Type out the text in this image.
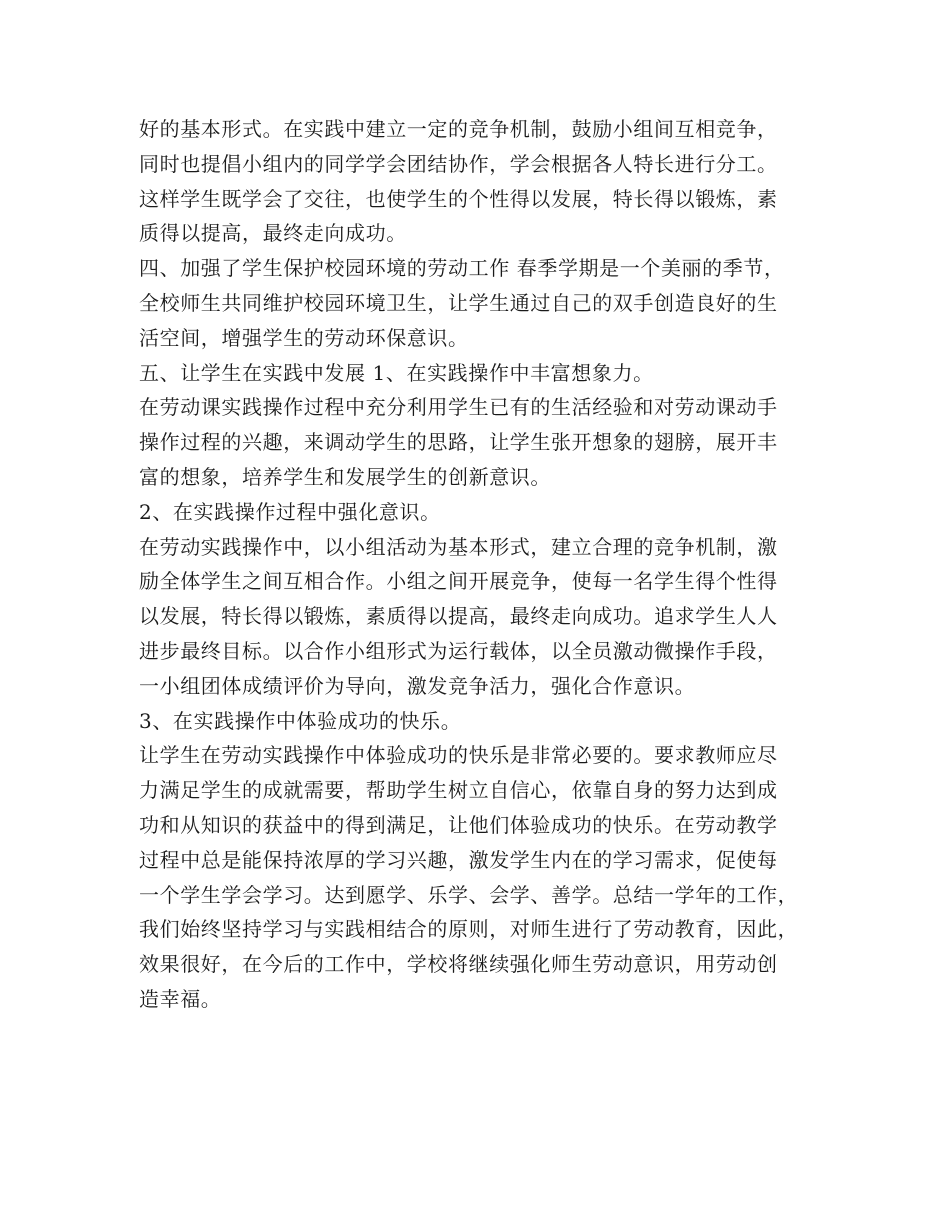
好的基本形式。在实践中建立一定的竞争机制，鼓励小组间互相竞争，
同时也提倡小组内的同学学会团结协作，学会根据各人特长进行分工。
这样学生既学会了交往，也使学生的个性得以发展，特长得以锻炼，素
质得以提高，最终走向成功。
四、加强了学生保护校园环境的劳动工作 春季学期是一个美丽的季节，
全校师生共同维护校园环境卫生，让学生通过自己的双手创造良好的生
活空间，增强学生的劳动环保意识。
五、让学生在实践中发展 1、在实践操作中丰富想象力。
在劳动课实践操作过程中充分利用学生已有的生活经验和对劳动课动手
操作过程的兴趣，来调动学生的思路，让学生张开想象的翅膀，展开丰
富的想象，培养学生和发展学生的创新意识。
2、在实践操作过程中强化意识。
在劳动实践操作中，以小组活动为基本形式，建立合理的竞争机制，激
励全体学生之间互相合作。小组之间开展竞争，使每一名学生得个性得
以发展，特长得以锻炼，素质得以提高，最终走向成功。追求学生人人
进步最终目标。以合作小组形式为运行载体，以全员激动微操作手段，
一小组团体成绩评价为导向，激发竞争活力，强化合作意识。
3、在实践操作中体验成功的快乐。
让学生在劳动实践操作中体验成功的快乐是非常必要的。要求教师应尽
力满足学生的成就需要，帮助学生树立自信心，依靠自身的努力达到成
功和从知识的获益中的得到满足，让他们体验成功的快乐。在劳动教学
过程中总是能保持浓厚的学习兴趣，激发学生内在的学习需求，促使每
一个学生学会学习。达到愿学、乐学、会学、善学。总结一学年的工作，
我们始终坚持学习与实践相结合的原则，对师生进行了劳动教育，因此，
效果很好，在今后的工作中，学校将继续强化师生劳动意识，用劳动创
造幸福。
